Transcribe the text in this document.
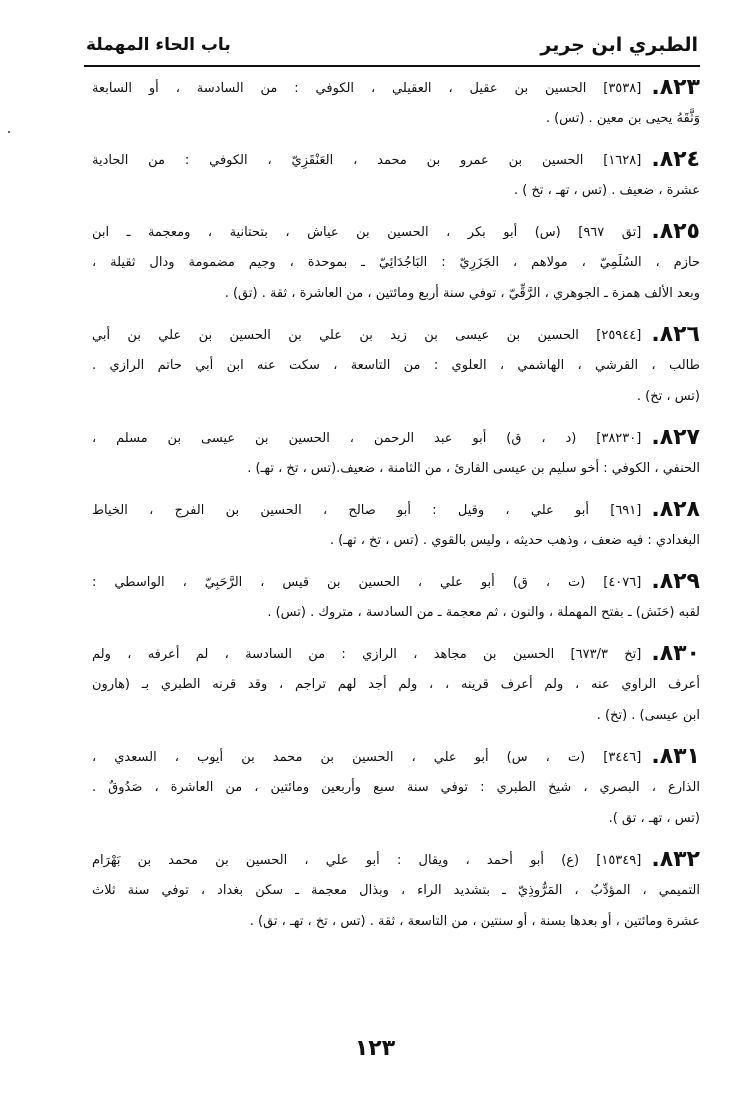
الطبري ابن جرير
باب الحاء المهملة
٨٢٣.[٣٥٣٨] الحسين بن عقيل ، العقيلي ، الكوفي : من السادسة ، أو السابعة
وَثَّقَهُ يحيى بن معين . (تس) .
٨٢٤.[١٦٢٨] الحسين بن عمرو بن محمد ، العَنْقَزِيّ ، الكوفي : من الحادية
عشرة ، ضعيف . (تس ، تهـ ، تخ ) .
٨٢٥.[تق ٩٦٧] (س) أبو بكر ، الحسين بن عياش ، بتحتانية ، ومعجمة ـ ابن
حازم ، السُلَمِيّ ، مولاهم ، الجَزَرِيّ : البَاجُدَائِيّ ـ بموحدة ، وجيم مضمومة ودال ثقيلة ،
وبعد الألف همزة ـ الجوهري ، الرَّقِّيّ ، توفي سنة أربع ومائتين ، من العاشرة ، ثقة . (تق) .
٨٢٦.[٢٥٩٤٤] الحسين بن عيسى بن زيد بن علي بن الحسين بن علي بن أبي
طالب ، القرشي ، الهاشمي ، العلوي : من التاسعة ، سكت عنه ابن أبي حاتم الرازي .
(تس ، تخ) .
٨٢٧.[٣٨٢٣٠] (د ، ق) أبو عبد الرحمن ، الحسين بن عيسى بن مسلم ،
الحنفي ، الكوفي : أخو سليم بن عيسى القارئ ، من الثامنة ، ضعيف.(تس ، تخ ، تهـ) .
٨٢٨.[٦٩١] أبو علي ، وقيل : أبو صالح ، الحسين بن الفرج ، الخياط
البغدادي : فيه ضعف ، وذهب حديثه ، وليس بالقوي . (تس ، تخ ، تهـ) .
٨٢٩.[٤٠٧٦] (ت ، ق) أبو علي ، الحسين بن قيس ، الرَّحَبِيّ ، الواسطي :
لقبه (حَنَش) ـ بفتح المهملة ، والنون ، ثم معجمة ـ من السادسة ، متروك . (تس) .
٨٣٠.[تخ ٦٧٣/٣] الحسين بن مجاهد ، الرازي : من السادسة ، لم أعرفه ، ولم
أعرف الراوي عنه ، ولم أعرف قرينه ، ، ولم أجد لهم تراجم ، وقد قرنه الطبري بـ (هارون
ابن عيسى) . (تخ) .
٨٣١.[٣٤٤٦] (ت ، س) أبو علي ، الحسين بن محمد بن أيوب ، السعدي ،
الذارع ، البصري ، شيخ الطبري : توفي سنة سبع وأربعين ومائتين ، من العاشرة ، صَدُوقٌ .
(تس ، تهـ ، تق ).
٨٣٢.[١٥٣٤٩] (ع) أبو أحمد ، ويقال : أبو علي ، الحسين بن محمد بن بَهْرَام
التميمي ، المؤدِّبُ ، المَرُّوذِيّ ـ بتشديد الراء ، وبذال معجمة ـ سكن بغداد ، توفي سنة ثلاث
عشرة ومائتين ، أو بعدها بسنة ، أو سنتين ، من التاسعة ، ثقة . (تس ، تخ ، تهـ ، تق) .
١٢٣
